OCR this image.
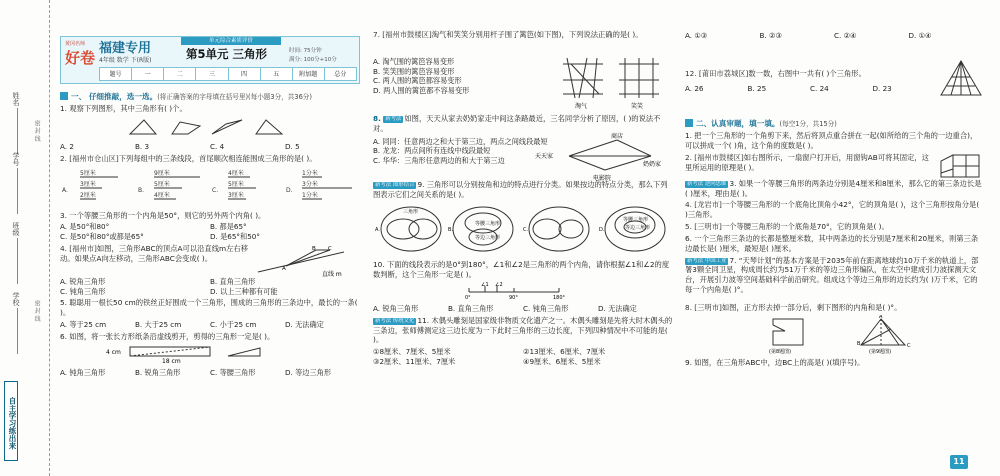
姓名
学号
班级
学校
密 封 线
密 封 线
自主学习练出来
黄冈名师
好卷
福建专用
4年级 数学 下(R版)
单元综合素质评价
第5单元 三角形	时间: 75分钟
满分: 100分+10分
题号	一	二	三	四	五	附加题	总分
一、 仔细推敲，选一选。(将正确答案的字母填在括号里)(每小题3分，共36分)
1. 观察下列图形，其中三角形有( )个。
A. 2	B. 3	C. 4	D. 5
2. [福州市仓山区]下列每组中的三条线段，首尾顺次相连能围成三角形的是( )。
A.
5厘米
3厘米
2厘米
B.
9厘米
5厘米
4厘米
C.
4厘米
5厘米
3厘米
D.
1分米
3分米
1分米
3. 一个等腰三角形的一个内角是50°，则它的另外两个内角( )。
A. 是50°和80°	B. 都是65°
C. 是50°和80°或都是65°	D. 是65°和50°
4. [福州市]如图，三角形ABC的顶点A可以沿直线m左右移动。如果点A向左移动，三角形ABC会变成( )。
B C
A
直线 m
A. 锐角三角形	B. 直角三角形
C. 钝角三角形	D. 以上三种都有可能
5. 聪聪用一根长50 cm的铁丝正好围成一个三角形，围成的三角形的三条边中，最长的一条( )。
A. 等于25 cm	B. 大于25 cm	C. 小于25 cm	D. 无法确定
6. 如图，将一张长方形纸条沿虚线剪开，剪得的三角形一定是( )。
4 cm
18 cm
A. 钝角三角形	B. 锐角三角形	C. 等腰三角形	D. 等边三角形
7. [福州市鼓楼区]淘气和笑笑分别用杆子围了篱笆(如下图)，下列说法正确的是( )。
A. 淘气围的篱笆容易变形
B. 笑笑围的篱笆容易变形
C. 两人围的篱笆都容易变形
D. 两人围的篱笆都不容易变形
淘气	笑笑
8. 新考法 如图，天天从家去奶奶家走中间这条路最近，三名同学分析了原因，( )的说法不对。
A. 同同：任意两边之和大于第三边，两点之间线段最短
B. 龙龙：两点间所有连线中线段最短
C. 华华：三角形任意两边的和大于第三边
商店
天天家
奶奶家
电影院
新考法 图形结合 9. 三角形可以分别按角和边的特点进行分类。如果按边的特点分类，那么下列图表示它们之间关系的是( )。
A.	B.	C.	D.
三角形
等腰三角形
等边三角形
等腰三角形
等边三角形
10. 下面的线段表示的是0°到180°，∠1和∠2是三角形的两个内角，请你根据∠1和∠2的度数判断，这个三角形一定是( )。
∠1 ∠2
0°	90°	180°
A. 锐角三角形	B. 直角三角形	C. 钝角三角形	D. 无法确定
新考法 传统文化 11. 木偶头雕刻是国家级非物质文化遗产之一。木偶头雕刻是先将大时木偶头的三条边，张师傅测定这三边长度为一下此时三角形的三边长度，下列四种情况中不可能的是( )。
①8厘米、7厘米、5厘米	②13厘米、6厘米、7厘米
③2厘米、11厘米、7厘米	④9厘米、6厘米、5厘米
A. ①③	B. ②③	C. ②④	D. ①④
12. [莆田市荔城区]数一数，右图中一共有( )个三角形。
A. 26	B. 25	C. 24	D. 23
二、认真审题，填一填。(每空1分，共15分)
1. 把一个三角形的一个角剪下来，然后将顶点重合拼在一起(如所给的三个角的一边重合)，可以拼成一个( )角，这个角的度数是( )。
2. [福州市鼓楼区]如右图所示，一扇窗户打开后，用窗钩AB可将其固定，这里所运用的原理是( )。
新考法 逆向思维 3. 如果一个等腰三角形的两条边分别是4厘米和8厘米，那么它的第三条边长是( )厘米，理由是( )。
4. [龙岩市]一个等腰三角形的一个底角比顶角小42°，它的顶角是( )，这个三角形按角分是( )三角形。
5. [三明市]一个等腰三角形的一个底角是70°，它的顶角是( )。
6. 一个三角形三条边的长都是整厘米数，其中两条边的长分别是7厘米和20厘米，则第三条边最长是( )厘米，最短是( )厘米。
新考法 中国工业 7. “天琴计划”的基本方案是于2035年前在距离地球约10万千米的轨道上，部署3颗全同卫星，构成周长约为51万千米的等边三角形编队，在太空中建成引力波探测天文台，开展引力波等空间基础科学前沿研究。组成这个等边三角形的边长约为( )万千米，它的每一个内角是( )°。
8. [三明市]如图，正方形去掉一部分后，剩下图形的内角和是( )°。
B	C
A
(第8题图)	(第9题图)
9. 如图，在三角形ABC中，边BC上的高是( )(填序号)。
11
